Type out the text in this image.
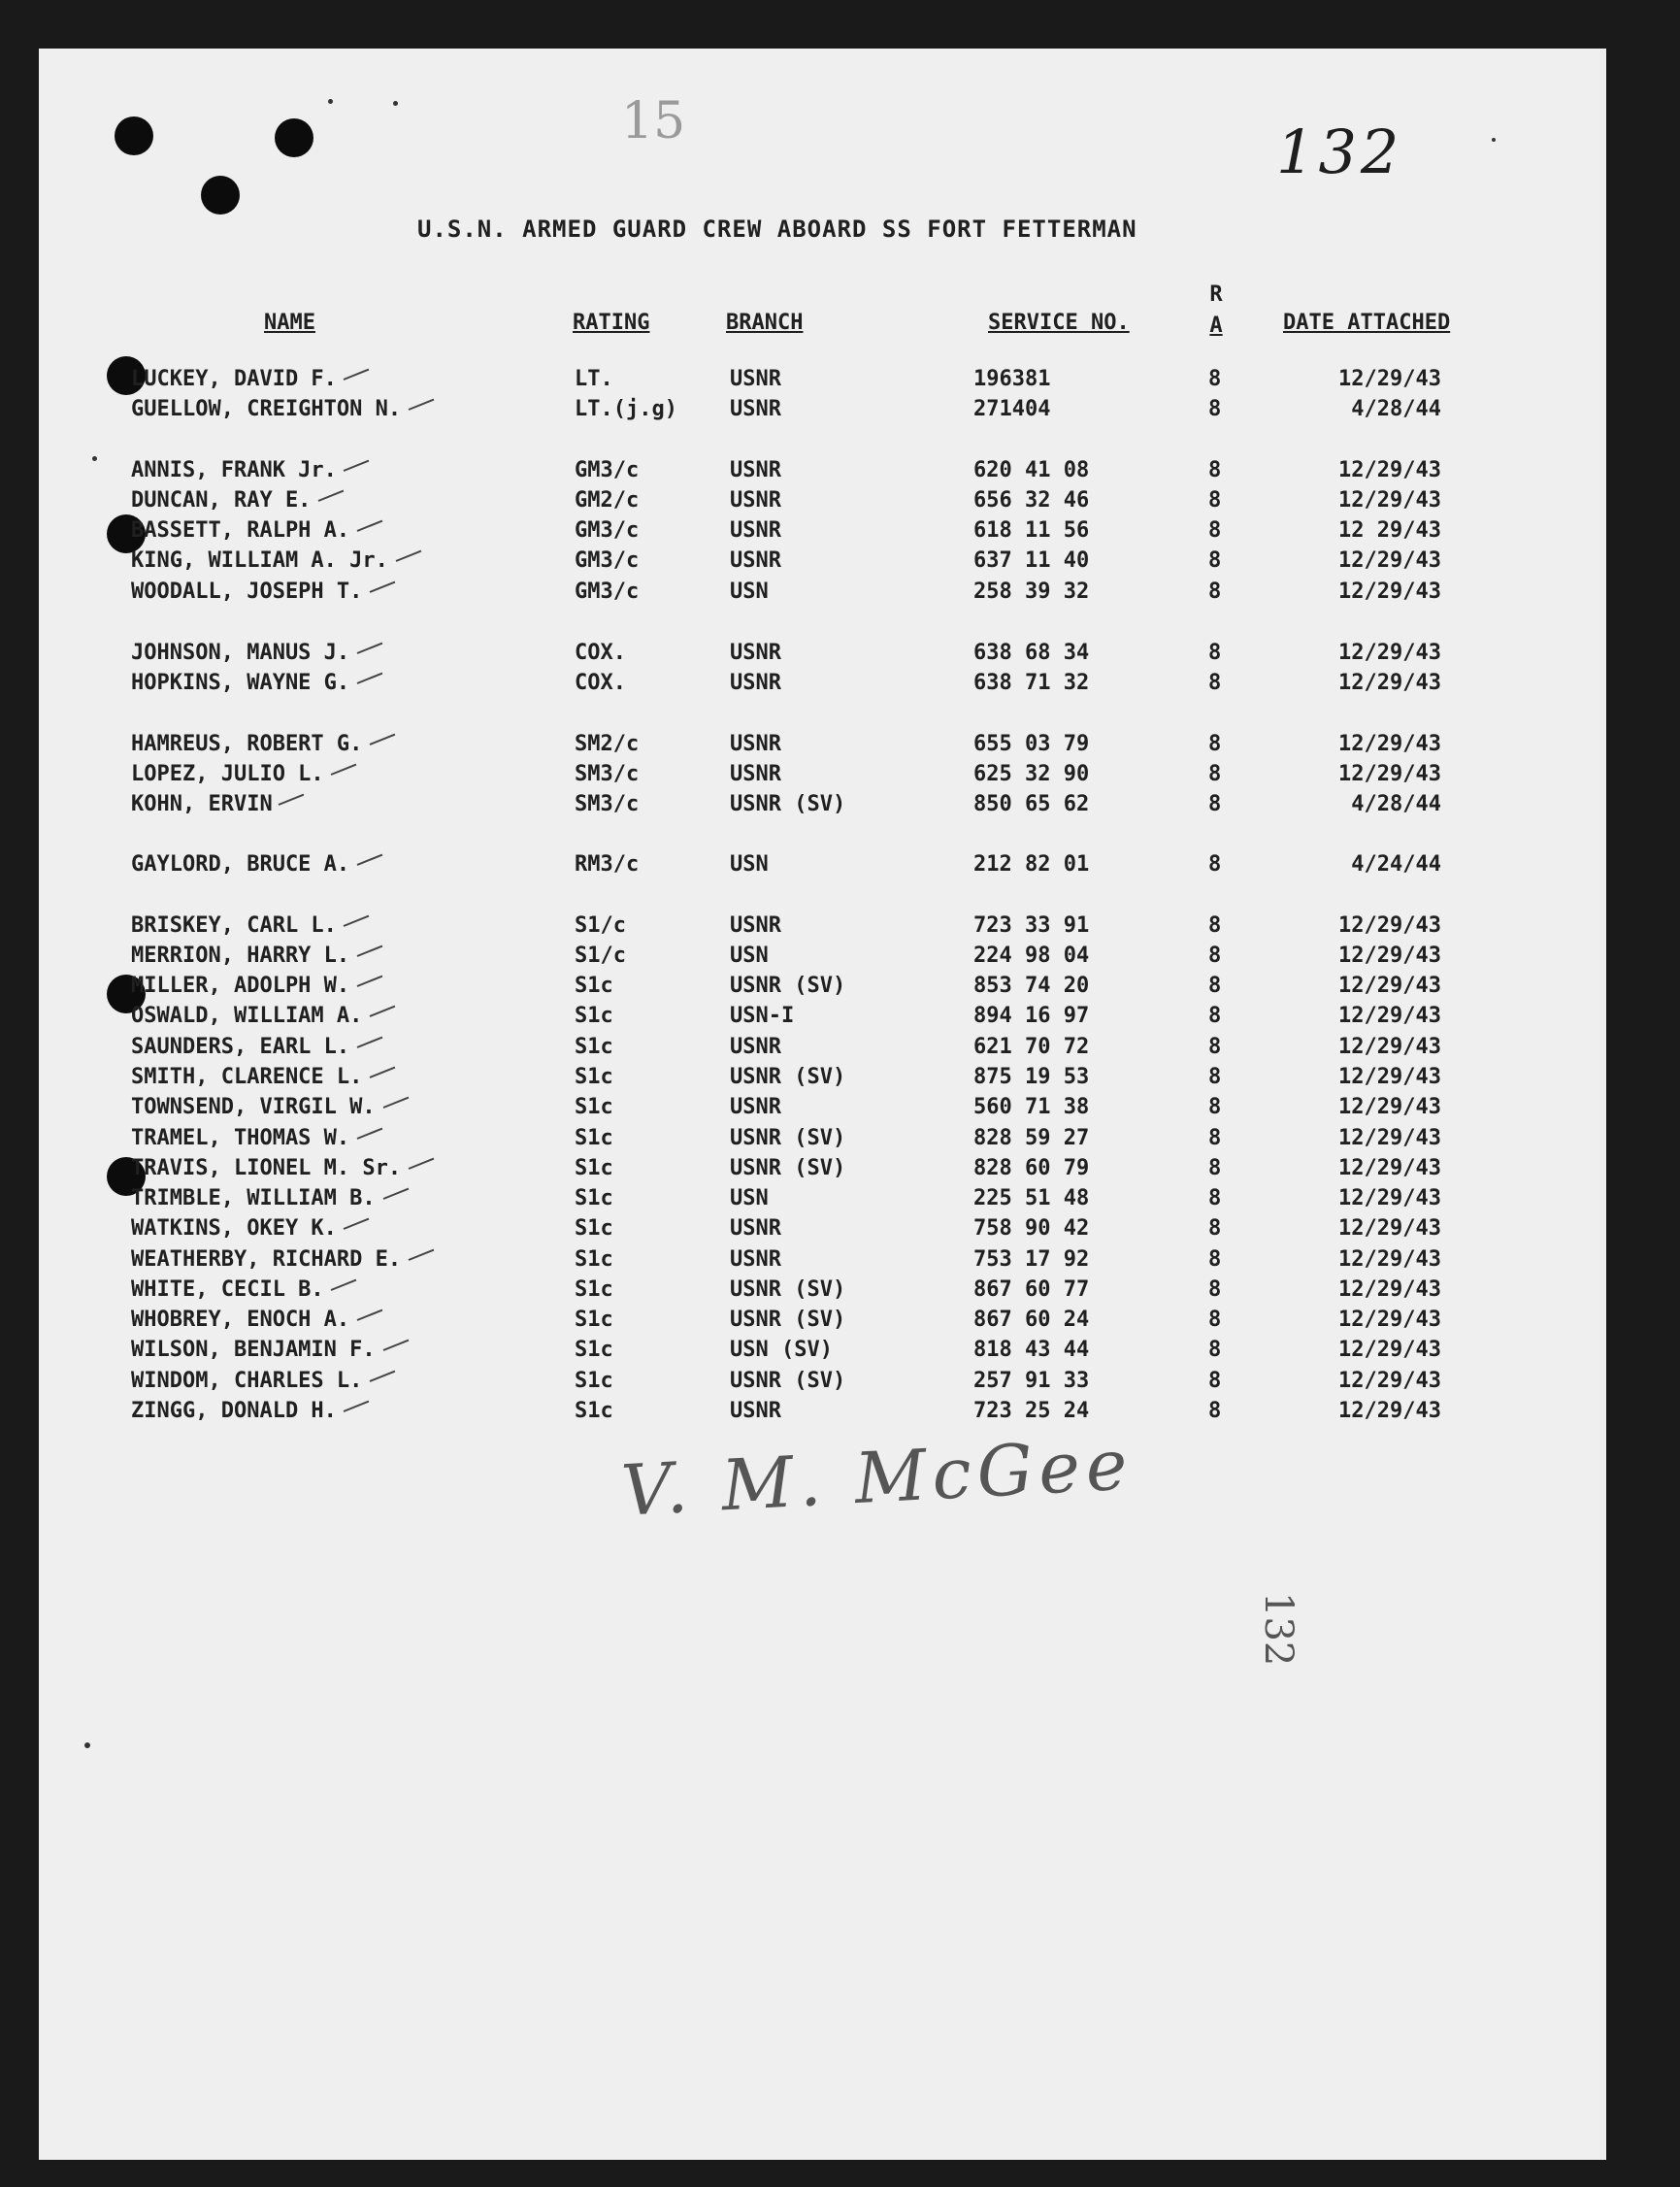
15	132
132
U.S.N. ARMED GUARD CREW ABOARD SS FORT FETTERMAN
NAME	RATING	BRANCH	SERVICE NO.
R
A	DATE ATTACHED
LUCKEY, DAVID F.	LT.	USNR	196381	8	12/29/43
GUELLOW, CREIGHTON N.	LT.(j.g) USNR	271404	8	4/28/44
ANNIS, FRANK Jr.	GM3/c	USNR	620 41 08	8	12/29/43
DUNCAN, RAY E.	GM2/c	USNR	656 32 46	8	12/29/43
BASSETT, RALPH A.	GM3/c	USNR	618 11 56	8	12 29/43
KING, WILLIAM A. Jr.	GM3/c	USNR	637 11 40	8	12/29/43
WOODALL, JOSEPH T.	GM3/c	USN	258 39 32	8	12/29/43
JOHNSON, MANUS J.	COX.	USNR	638 68 34	8	12/29/43
HOPKINS, WAYNE G.	COX.	USNR	638 71 32	8	12/29/43
HAMREUS, ROBERT G.	SM2/c	USNR	655 03 79	8	12/29/43
LOPEZ, JULIO L.	SM3/c	USNR	625 32 90	8	12/29/43
KOHN, ERVIN	SM3/c	USNR (SV)	850 65 62	8	4/28/44
GAYLORD, BRUCE A.	RM3/c	USN	212 82 01	8	4/24/44
BRISKEY, CARL L.	S1/c	USNR	723 33 91	8	12/29/43
MERRION, HARRY L.	S1/c	USN	224 98 04	8	12/29/43
MILLER, ADOLPH W.	S1c	USNR (SV)	853 74 20	8	12/29/43
OSWALD, WILLIAM A.	S1c	USN-I	894 16 97	8	12/29/43
SAUNDERS, EARL L.	S1c	USNR	621 70 72	8	12/29/43
SMITH, CLARENCE L.	S1c	USNR (SV)	875 19 53	8	12/29/43
TOWNSEND, VIRGIL W.	S1c	USNR	560 71 38	8	12/29/43
TRAMEL, THOMAS W.	S1c	USNR (SV)	828 59 27	8	12/29/43
TRAVIS, LIONEL M. Sr.	S1c	USNR (SV)	828 60 79	8	12/29/43
TRIMBLE, WILLIAM B.	S1c	USN	225 51 48	8	12/29/43
WATKINS, OKEY K.	S1c	USNR	758 90 42	8	12/29/43
WEATHERBY, RICHARD E.	S1c	USNR	753 17 92	8	12/29/43
WHITE, CECIL B.	S1c	USNR (SV)	867 60 77	8	12/29/43
WHOBREY, ENOCH A.	S1c	USNR (SV)	867 60 24	8	12/29/43
WILSON, BENJAMIN F.	S1c	USN (SV)	818 43 44	8	12/29/43
WINDOM, CHARLES L.	S1c	USNR (SV)	257 91 33	8	12/29/43
ZINGG, DONALD H.	S1c	USNR	723 25 24	8	12/29/43
V. M. McGee
